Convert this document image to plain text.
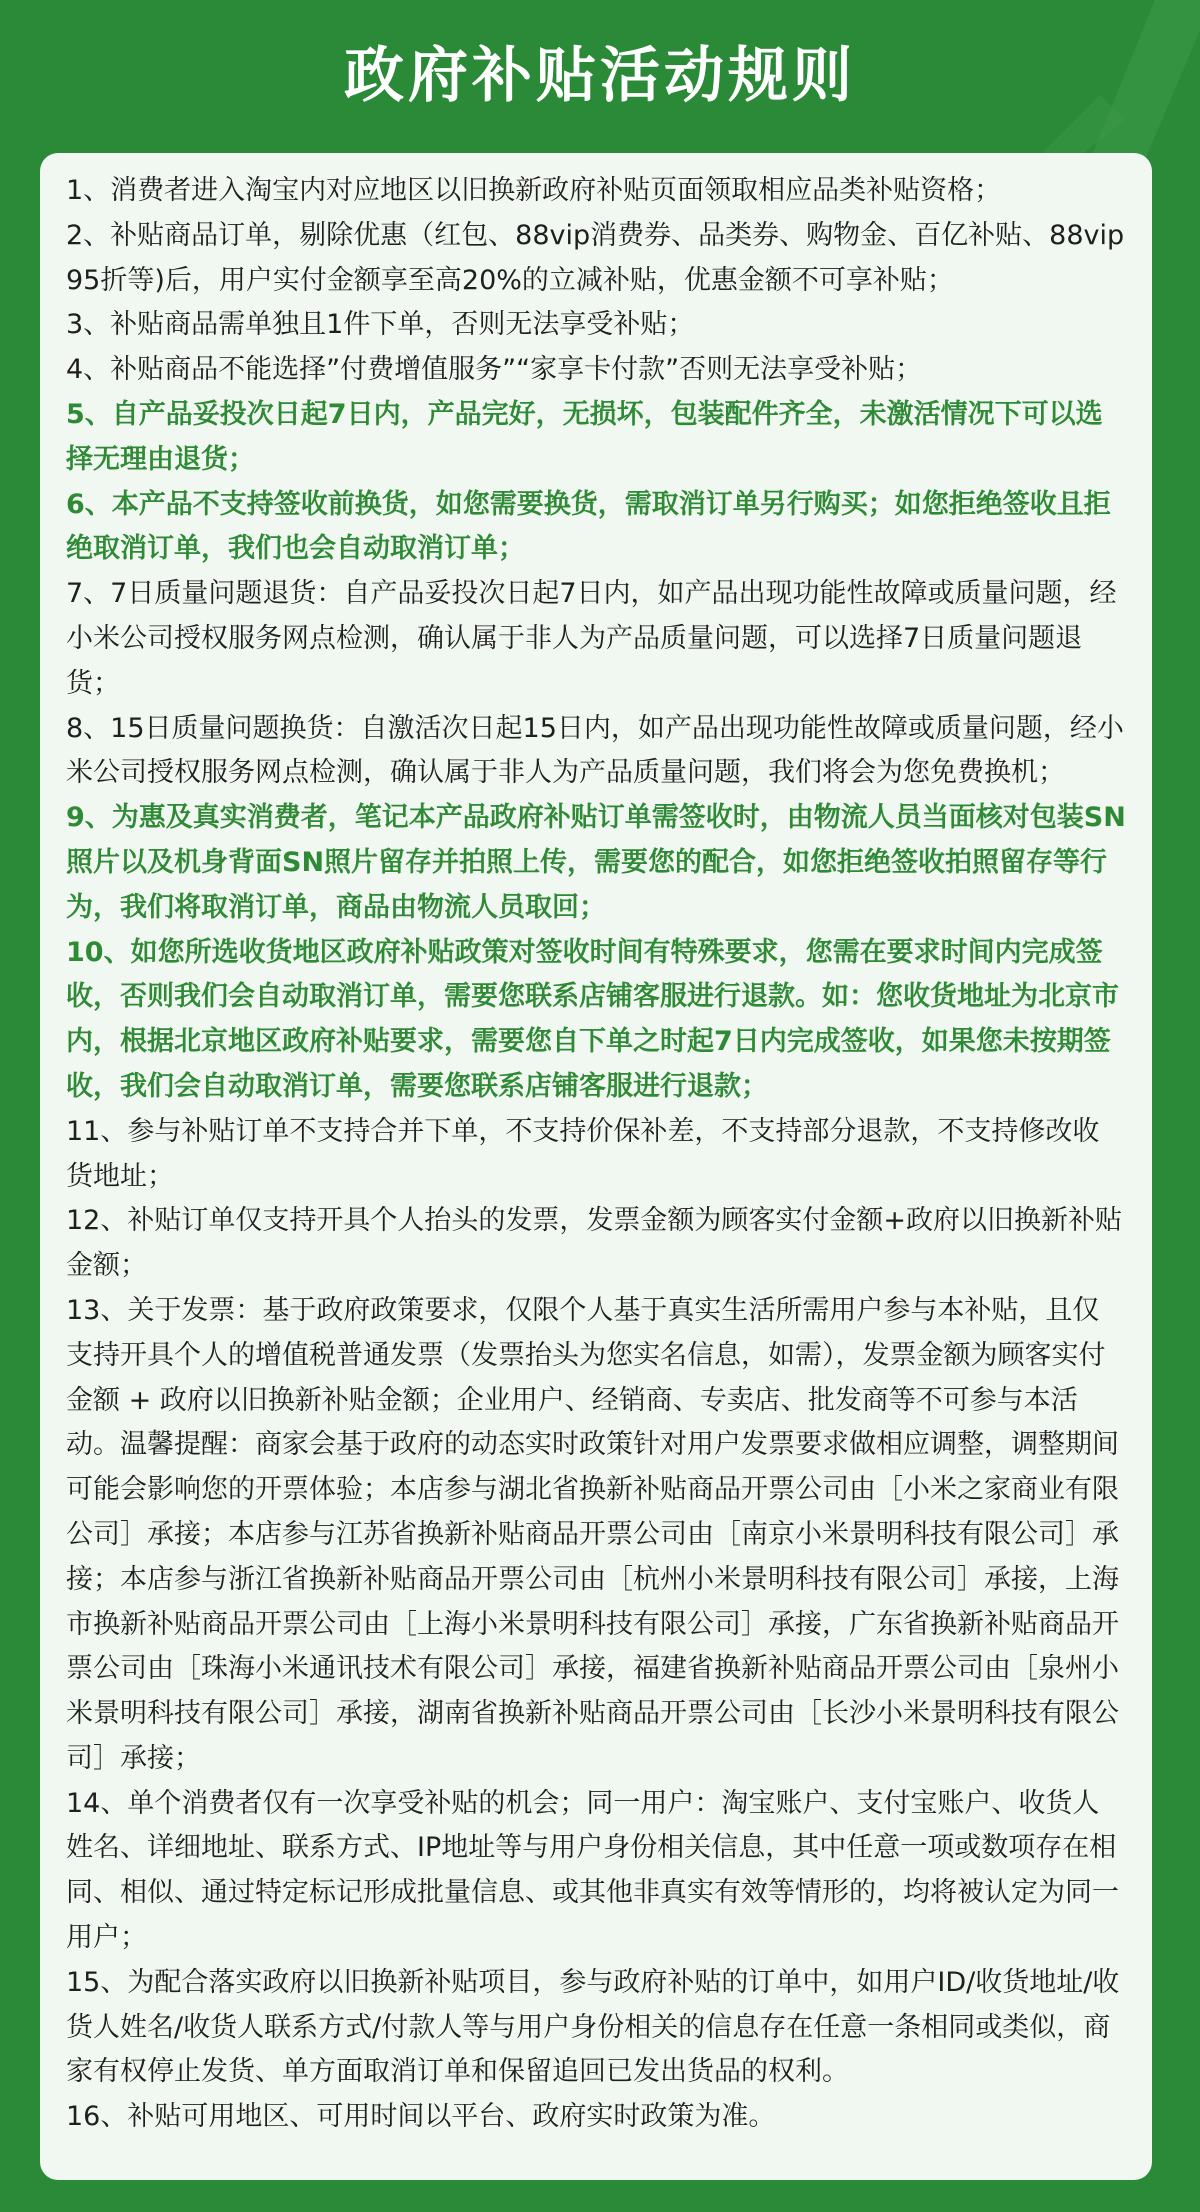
政府补贴活动规则

1、消费者进入淘宝内对应地区以旧换新政府补贴页面领取相应品类补贴资格；

2、补贴商品订单，剔除优惠（红包、88vip消费券、品类券、购物金、百亿补贴、88vip95折等)后，用户实付金额享至高20%的立减补贴，优惠金额不可享补贴；

3、补贴商品需单独且1件下单，否则无法享受补贴；

4、补贴商品不能选择”付费增值服务”“家享卡付款”否则无法享受补贴；

5、自产品妥投次日起7日内，产品完好，无损坏，包装配件齐全，未激活情况下可以选择无理由退货；

6、本产品不支持签收前换货，如您需要换货，需取消订单另行购买；如您拒绝签收且拒绝取消订单，我们也会自动取消订单；

7、7日质量问题退货：自产品妥投次日起7日内，如产品出现功能性故障或质量问题，经小米公司授权服务网点检测，确认属于非人为产品质量问题，可以选择7日质量问题退货；

8、15日质量问题换货：自激活次日起15日内，如产品出现功能性故障或质量问题，经小米公司授权服务网点检测，确认属于非人为产品质量问题，我们将会为您免费换机；

9、为惠及真实消费者，笔记本产品政府补贴订单需签收时，由物流人员当面核对包装SN照片以及机身背面SN照片留存并拍照上传，需要您的配合，如您拒绝签收拍照留存等行为，我们将取消订单，商品由物流人员取回；

10、如您所选收货地区政府补贴政策对签收时间有特殊要求，您需在要求时间内完成签收，否则我们会自动取消订单，需要您联系店铺客服进行退款。如：您收货地址为北京市内，根据北京地区政府补贴要求，需要您自下单之时起7日内完成签收，如果您未按期签收，我们会自动取消订单，需要您联系店铺客服进行退款；

11、参与补贴订单不支持合并下单，不支持价保补差，不支持部分退款，不支持修改收货地址；

12、补贴订单仅支持开具个人抬头的发票，发票金额为顾客实付金额+政府以旧换新补贴金额；

13、关于发票：基于政府政策要求，仅限个人基于真实生活所需用户参与本补贴，且仅支持开具个人的增值税普通发票（发票抬头为您实名信息，如需），发票金额为顾客实付金额 + 政府以旧换新补贴金额；企业用户、经销商、专卖店、批发商等不可参与本活动。温馨提醒：商家会基于政府的动态实时政策针对用户发票要求做相应调整，调整期间可能会影响您的开票体验；本店参与湖北省换新补贴商品开票公司由［小米之家商业有限公司］承接；本店参与江苏省换新补贴商品开票公司由［南京小米景明科技有限公司］承接；本店参与浙江省换新补贴商品开票公司由［杭州小米景明科技有限公司］承接，上海市换新补贴商品开票公司由［上海小米景明科技有限公司］承接，广东省换新补贴商品开票公司由［珠海小米通讯技术有限公司］承接，福建省换新补贴商品开票公司由［泉州小米景明科技有限公司］承接，湖南省换新补贴商品开票公司由［长沙小米景明科技有限公司］承接；

14、单个消费者仅有一次享受补贴的机会；同一用户：淘宝账户、支付宝账户、收货人姓名、详细地址、联系方式、IP地址等与用户身份相关信息，其中任意一项或数项存在相同、相似、通过特定标记形成批量信息、或其他非真实有效等情形的，均将被认定为同一用户；

15、为配合落实政府以旧换新补贴项目，参与政府补贴的订单中，如用户ID/收货地址/收货人姓名/收货人联系方式/付款人等与用户身份相关的信息存在任意一条相同或类似，商家有权停止发货、单方面取消订单和保留追回已发出货品的权利。

16、补贴可用地区、可用时间以平台、政府实时政策为准。
